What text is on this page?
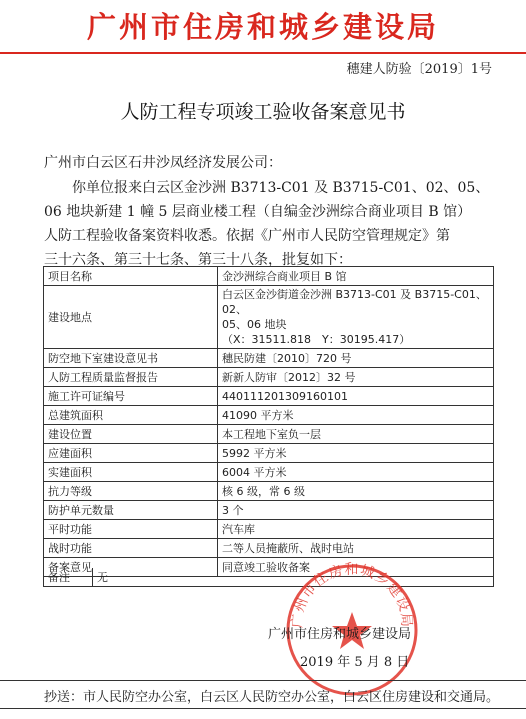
广州市住房和城乡建设局
穗建人防验〔2019〕1号
人防工程专项竣工验收备案意见书
广州市白云区石井沙凤经济发展公司：
你单位报来白云区金沙洲 B3713-C01 及 B3715-C01、02、05、
06 地块新建 1 幢 5 层商业楼工程（自编金沙洲综合商业项目 B 馆）
人防工程验收备案资料收悉。依据《广州市人民防空管理规定》第
三十六条、第三十七条、第三十八条，批复如下：
项目名称	金沙洲综合商业项目 B 馆
建设地点	白云区金沙街道金沙洲 B3713-C01 及 B3715-C01、02、
05、06 地块
（X：31511.818　Y：30195.417）

防空地下室建设意见书	穗民防建〔2010〕720 号
人防工程质量监督报告	新新人防审〔2012〕32 号
施工许可证编号	440111201309160101
总建筑面积	41090 平方米
建设位置	本工程地下室负一层
应建面积	5992 平方米
实建面积	6004 平方米
抗力等级	核 6 级，常 6 级
防护单元数量	3 个
平时功能	汽车库
战时功能	二等人员掩蔽所、战时电站
备案意见	同意竣工验收备案
备注	无
广州市住房和城乡建设局
广州市住房和城乡建设局
2019 年 5 月 8 日
抄送：市人民防空办公室，白云区人民防空办公室，白云区住房建设和交通局。
